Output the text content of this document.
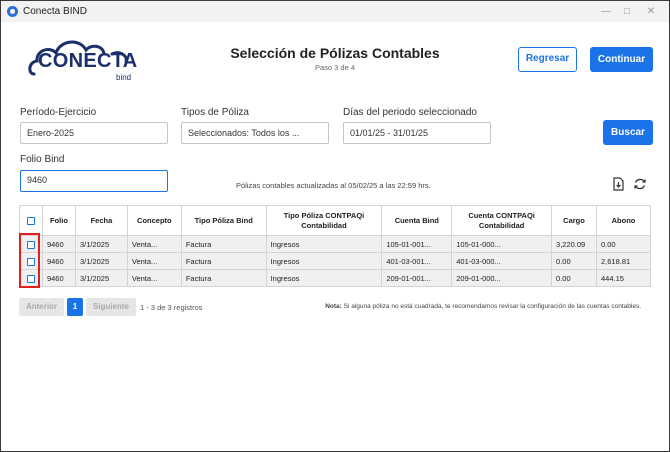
Conecta BIND	—	□	✕
CONECTA
bind
Selección de Pólizas Contables
Paso 3 de 4
Regresar	Continuar
Período-Ejercicio
Enero-2025
Tipos de Póliza
Seleccionados: Todos los ...
Días del periodo seleccionado
01/01/25 - 31/01/25	Buscar
Folio Bind
9460
Pólizas contables actualizadas al 05/02/25 a las 22:59 hrs.
	Folio	Fecha	Concepto	Tipo Póliza Bind	Tipo Póliza CONTPAQi Contabilidad	Cuenta Bind	Cuenta CONTPAQi Contabilidad	Cargo	Abono
	9460	3/1/2025	Venta...	Factura	Ingresos	105-01-001...	105-01-000...	3,220.09	0.00
	9460	3/1/2025	Venta...	Factura	Ingresos	401-03-001...	401-03-000...	0.00	2,618.81
	9460	3/1/2025	Venta...	Factura	Ingresos	209-01-001...	209-01-000...	0.00	444.15
Anterior	1	Siguiente	1 - 3 de 3 registros	Nota: Si alguna póliza no está cuadrada, te recomendamos revisar la configuración de las cuentas contables.
